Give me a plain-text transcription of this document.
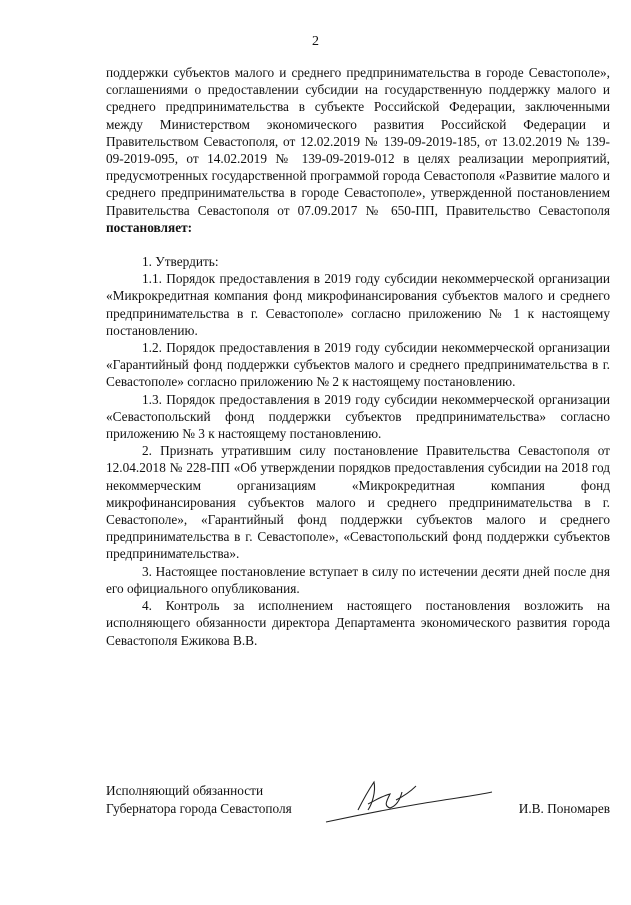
2

поддержки субъектов малого и среднего предпринимательства в городе Севастополе», соглашениями о предоставлении субсидии на государственную поддержку малого и среднего предпринимательства в субъекте Российской Федерации, заключенными между Министерством экономического развития Российской Федерации и Правительством Севастополя, от 12.02.2019 № 139-09-2019-185, от 13.02.2019 № 139-09-2019-095, от 14.02.2019 № 139-09-2019-012 в целях реализации мероприятий, предусмотренных государственной программой города Севастополя «Развитие малого и среднего предпринимательства в городе Севастополе», утвержденной постановлением Правительства Севастополя от 07.09.2017 № 650-ПП, Правительство Севастополя постановляет:

1. Утвердить:

1.1. Порядок предоставления в 2019 году субсидии некоммерческой организации «Микрокредитная компания фонд микрофинансирования субъектов малого и среднего предпринимательства в г. Севастополе» согласно приложению № 1 к настоящему постановлению.

1.2. Порядок предоставления в 2019 году субсидии некоммерческой организации «Гарантийный фонд поддержки субъектов малого и среднего предпринимательства в г. Севастополе» согласно приложению № 2 к настоящему постановлению.

1.3. Порядок предоставления в 2019 году субсидии некоммерческой организации «Севастопольский фонд поддержки субъектов предпринимательства» согласно приложению № 3 к настоящему постановлению.

2. Признать утратившим силу постановление Правительства Севастополя от 12.04.2018 № 228-ПП «Об утверждении порядков предоставления субсидии на 2018 год некоммерческим организациям «Микрокредитная компания фонд микрофинансирования субъектов малого и среднего предпринимательства в г. Севастополе», «Гарантийный фонд поддержки субъектов малого и среднего предпринимательства в г. Севастополе», «Севастопольский фонд поддержки субъектов предпринимательства».

3. Настоящее постановление вступает в силу по истечении десяти дней после дня его официального опубликования.

4. Контроль за исполнением настоящего постановления возложить на исполняющего обязанности директора Департамента экономического развития города Севастополя Ежикова В.В.

Исполняющий обязанности
Губернатора города Севастополя	И.В. Пономарев
